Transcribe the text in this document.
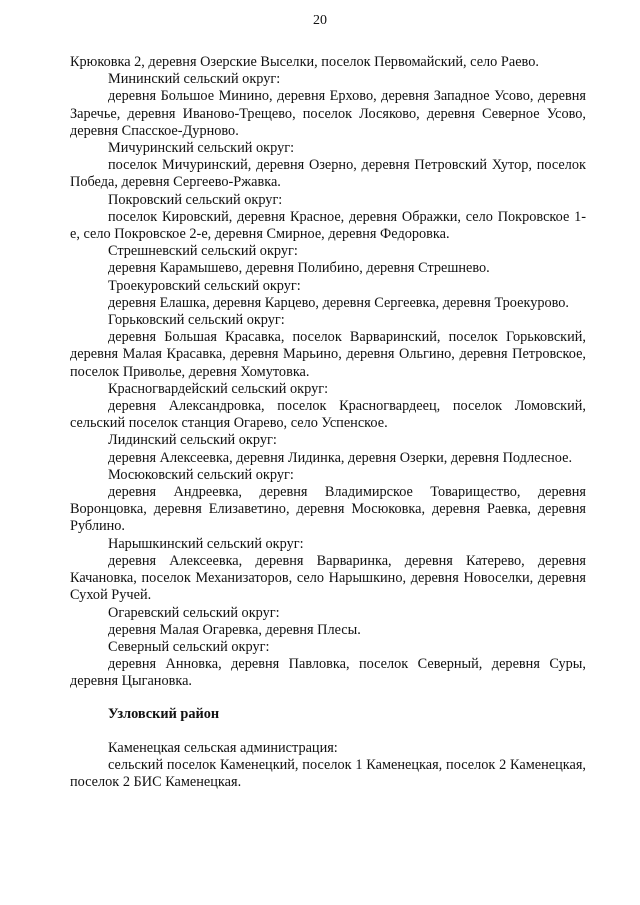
20

Крюковка 2, деревня Озерские Выселки, поселок Первомайский, село Раево.

Мининский сельский округ:

деревня Большое Минино, деревня Ерхово, деревня Западное Усово, деревня Заречье, деревня Иваново-Трещево, поселок Лосяково, деревня Северное Усово, деревня Спасское-Дурново.

Мичуринский сельский округ:

поселок Мичуринский, деревня Озерно, деревня Петровский Хутор, поселок Победа, деревня Сергеево-Ржавка.

Покровский сельский округ:

поселок Кировский, деревня Красное, деревня Ображки, село Покровское 1-е, село Покровское 2-е, деревня Смирное, деревня Федоровка.

Стрешневский сельский округ:

деревня Карамышево, деревня Полибино, деревня Стрешнево.

Троекуровский сельский округ:

деревня Елашка, деревня Карцево, деревня Сергеевка, деревня Троекурово.

Горьковский сельский округ:

деревня Большая Красавка, поселок Варваринский, поселок Горьковский, деревня Малая Красавка, деревня Марьино, деревня Ольгино, деревня Петровское, поселок Приволье, деревня Хомутовка.

Красногвардейский сельский округ:

деревня Александровка, поселок Красногвардеец, поселок Ломовский, сельский поселок станция Огарево, село Успенское.

Лидинский сельский округ:

деревня Алексеевка, деревня Лидинка, деревня Озерки, деревня Подлесное.

Мосюковский сельский округ:

деревня Андреевка, деревня Владимирское Товарищество, деревня Воронцовка, деревня Елизаветино, деревня Мосюковка, деревня Раевка, деревня Рублино.

Нарышкинский сельский округ:

деревня Алексеевка, деревня Варваринка, деревня Катерево, деревня Качановка, поселок Механизаторов, село Нарышкино, деревня Новоселки, деревня Сухой Ручей.

Огаревский сельский округ:

деревня Малая Огаревка, деревня Плесы.

Северный сельский округ:

деревня Анновка, деревня Павловка, поселок Северный, деревня Суры, деревня Цыгановка.

Узловский район

Каменецкая сельская администрация:

сельский поселок Каменецкий, поселок 1 Каменецкая, поселок 2 Каменецкая, поселок 2 БИС Каменецкая.
